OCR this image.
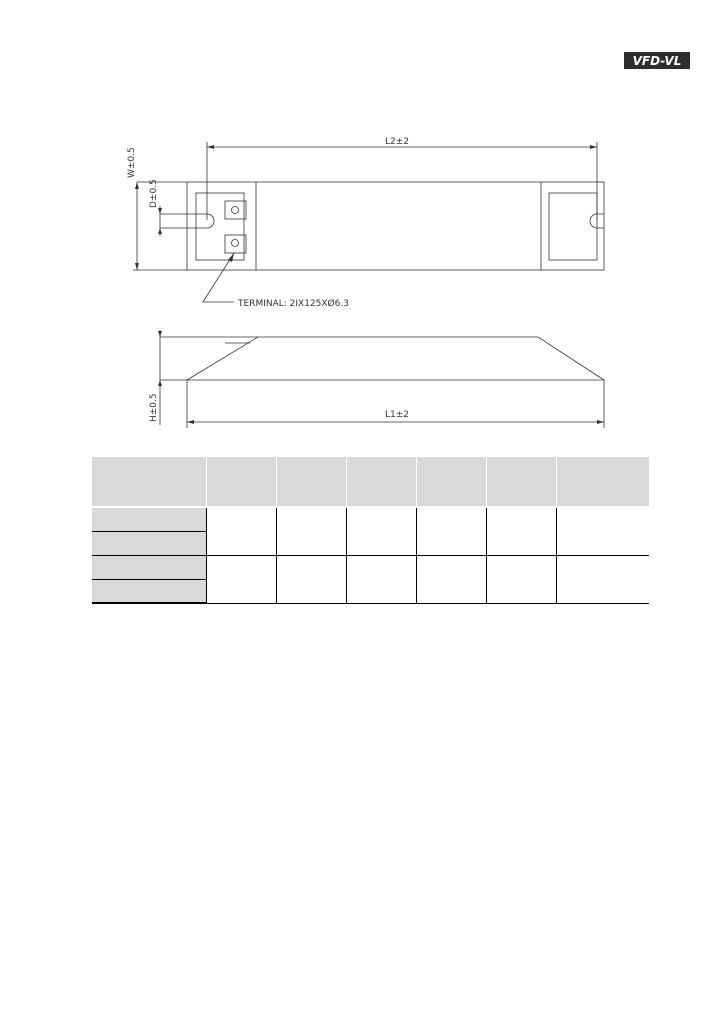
VFD-VL
L2±2
W±0.5
D±0.5
TERMINAL: 2IX125XØ6.3
H±0.5	L1±2
